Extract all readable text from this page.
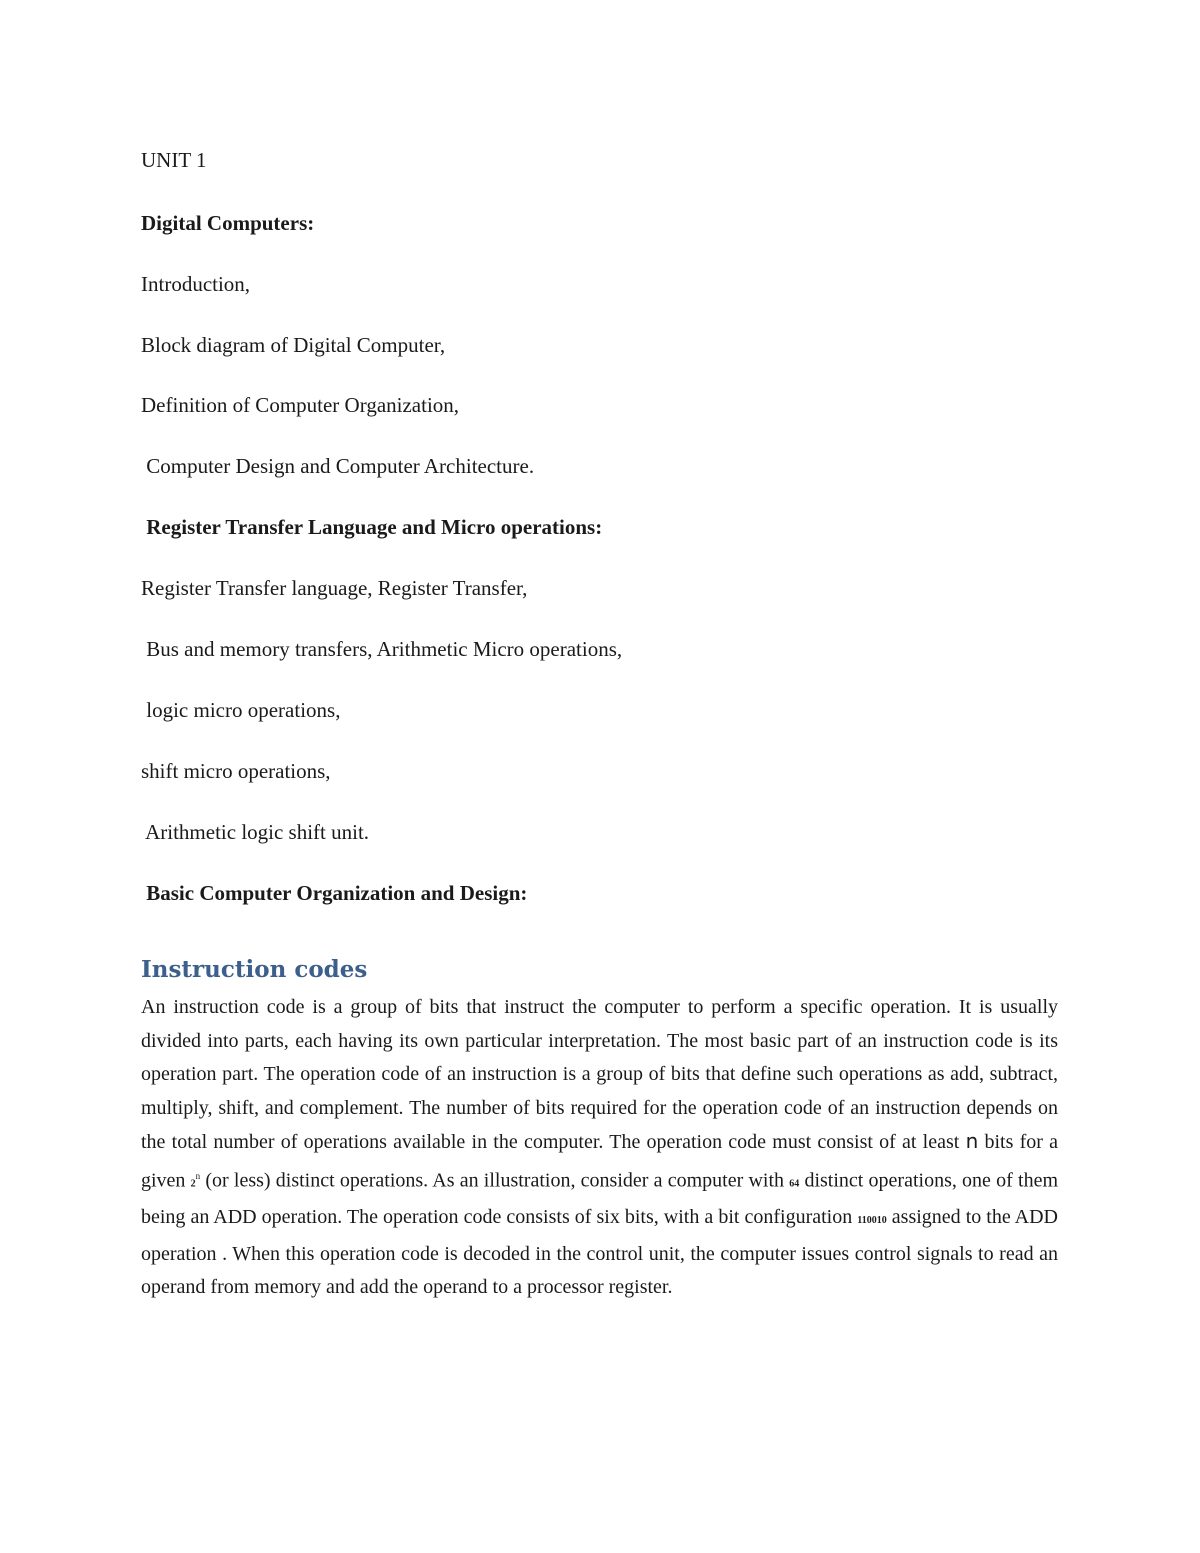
UNIT 1
Digital Computers:
Introduction,
Block diagram of Digital Computer,
Definition of Computer Organization,
Computer Design and Computer Architecture.
Register Transfer Language and Micro operations:
Register Transfer language, Register Transfer,
Bus and memory transfers, Arithmetic Micro operations,
logic micro operations,
shift micro operations,
Arithmetic logic shift unit.
Basic Computer Organization and Design:
Instruction codes
An instruction code is a group of bits that instruct the computer to perform a specific operation. It is usually divided into parts, each having its own particular interpretation. The most basic part of an instruction code is its operation part. The operation code of an instruction is a group of bits that define such operations as add, subtract, multiply, shift, and complement. The number of bits required for the operation code of an instruction depends on the total number of operations available in the computer. The operation code must consist of at least n bits for a given 2$^n$ (or less) distinct operations. As an illustration, consider a computer with 64 distinct operations, one of them being an ADD operation. The operation code consists of six bits, with a bit configuration 110010 assigned to the ADD operation . When this operation code is decoded in the control unit, the computer issues control signals to read an operand from memory and add the operand to a processor register.
